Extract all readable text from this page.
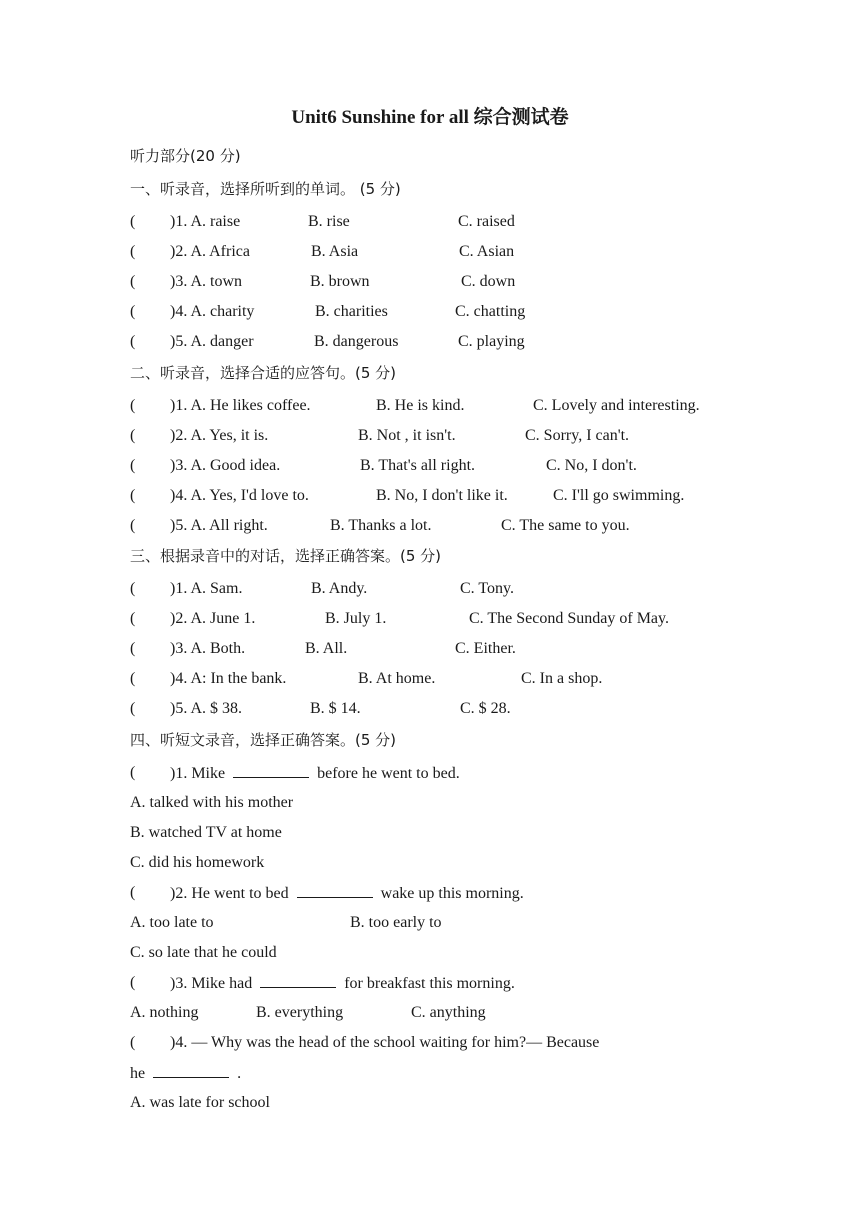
Unit6 Sunshine for all 综合测试卷
听力部分(20 分)
一、听录音，选择所听到的单词。 (5 分)
( )1. A. raise	B. rise	C. raised
( )2. A. Africa	B. Asia	C. Asian
( )3. A. town	B. brown	C. down
( )4. A. charity	B. charities	C. chatting
( )5. A. danger	B. dangerous	C. playing
二、听录音，选择合适的应答句。(5 分)
( )1. A. He likes coffee.	B. He is kind.	C. Lovely and interesting.
( )2. A. Yes, it is.	B. Not , it isn't.	C. Sorry, I can't.
( )3. A. Good idea.	B. That's all right.	C. No, I don't.
( )4. A. Yes, I'd love to.	B. No, I don't like it.	C. I'll go swimming.
( )5. A. All right.	B. Thanks a lot.	C. The same to you.
三、根据录音中的对话，选择正确答案。(5 分)
( )1. A. Sam.	B. Andy.	C. Tony.
( )2. A. June 1.	B. July 1.	C. The Second Sunday of May.
( )3. A. Both.	B. All.	C. Either.
( )4. A: In the bank.	B. At home.	C. In a shop.
( )5. A. $ 38.	B. $ 14.	C. $ 28.
四、听短文录音，选择正确答案。(5 分)
( )1. Mike	before he went to bed.
A. talked with his mother
B. watched TV at home
C. did his homework
( )2. He went to bed	wake up this morning.
A. too late to	B. too early to
C. so late that he could
( )3. Mike had	for breakfast this morning.
A. nothing	B. everything	C. anything
( )4. — Why was the head of the school waiting for him?— Because
he	.
A. was late for school
